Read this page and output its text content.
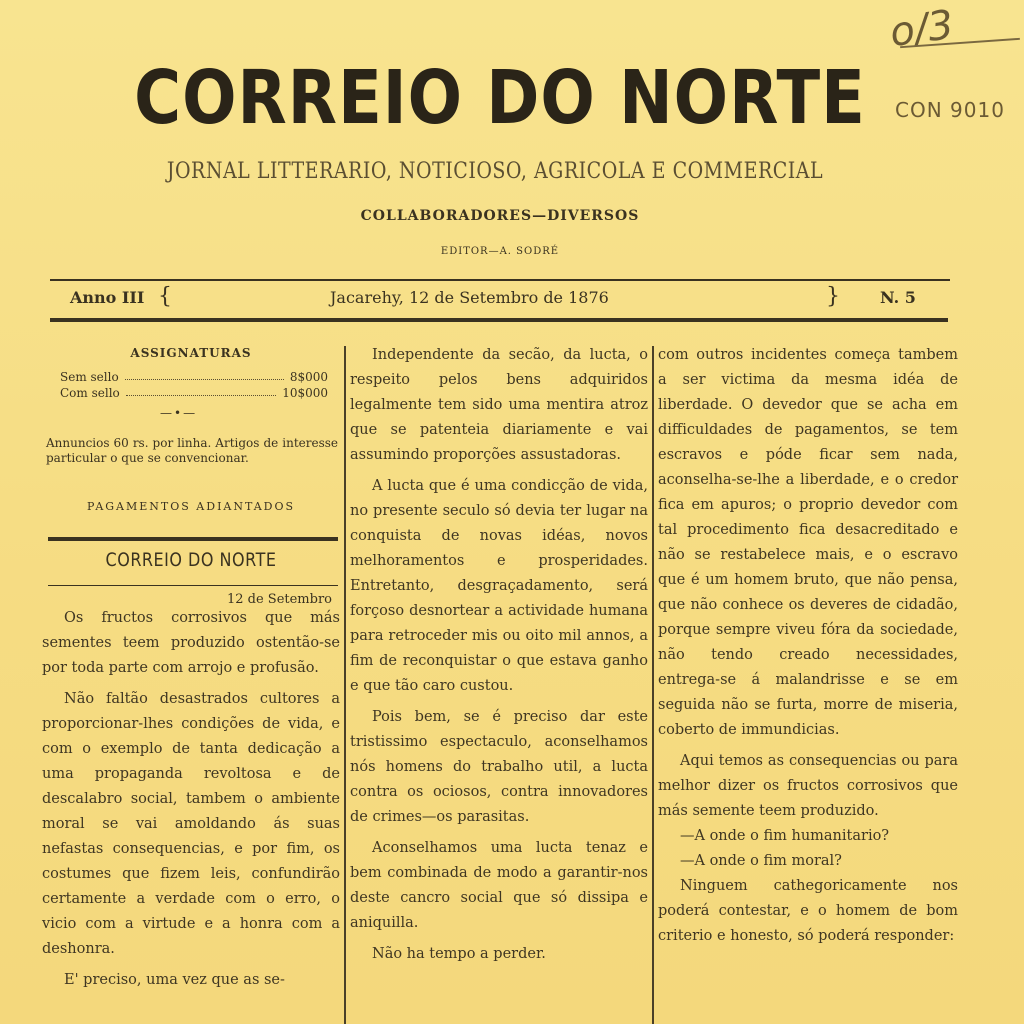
o/3
CON 9010
CORREIO DO NORTE
JORNAL LITTERARIO, NOTICIOSO, AGRICOLA E COMMERCIAL
COLLABORADORES—DIVERSOS
EDITOR—A. SODRÉ
Anno III {	Jacarehy, 12 de Setembro de 1876	}	N. 5
ASSIGNATURAS
Sem sello	8$000
Com sello	10$000
—•—
Annuncios 60 rs. por linha. Artigos de interesse particular o que se convencionar.
PAGAMENTOS ADIANTADOS
CORREIO DO NORTE
12 de Setembro

Os fructos corrosivos que más sementes teem produzido ostentão-se por toda parte com arrojo e profusão.

Não faltão desastrados cultores a proporcionar-lhes condições de vida, e com o exemplo de tanta dedicação a uma propaganda revoltosa e de descalabro social, tambem o ambiente moral se vai amoldando ás suas nefastas consequencias, e por fim, os costumes que fizem leis, confundirão certamente a verdade com o erro, o vicio com a virtude e a honra com a deshonra.

E' preciso, uma vez que as se-

Independente da secão, da lucta, o respeito pelos bens adquiridos legalmente tem sido uma mentira atroz que se patenteia diariamente e vai assumindo proporções assustadoras.

A lucta que é uma condicção de vida, no presente seculo só devia ter lugar na conquista de novas idéas, novos melhoramentos e prosperidades. Entretanto, desgraçadamento, será forçoso desnortear a actividade humana para retroceder mis ou oito mil annos, a fim de reconquistar o que estava ganho e que tão caro custou.

Pois bem, se é preciso dar este tristissimo espectaculo, aconselhamos nós homens do trabalho util, a lucta contra os ociosos, contra innovadores de crimes—os parasitas.

Aconselhamos uma lucta tenaz e bem combinada de modo a garantir-nos deste cancro social que só dissipa e aniquilla.

Não ha tempo a perder.

com outros incidentes começa tambem a ser victima da mesma idéa de liberdade. O devedor que se acha em difficuldades de pagamentos, se tem escravos e póde ficar sem nada, aconselha-se-lhe a liberdade, e o credor fica em apuros; o proprio devedor com tal procedimento fica desacreditado e não se restabelece mais, e o escravo que é um homem bruto, que não pensa, que não conhece os deveres de cidadão, porque sempre viveu fóra da sociedade, não tendo creado necessidades, entrega-se á malandrisse e se em seguida não se furta, morre de miseria, coberto de immundicias.

Aqui temos as consequencias ou para melhor dizer os fructos corrosivos que más semente teem produzido.

—A onde o fim humanitario?

—A onde o fim moral?

Ninguem cathegoricamente nos poderá contestar, e o homem de bom criterio e honesto, só poderá responder:
